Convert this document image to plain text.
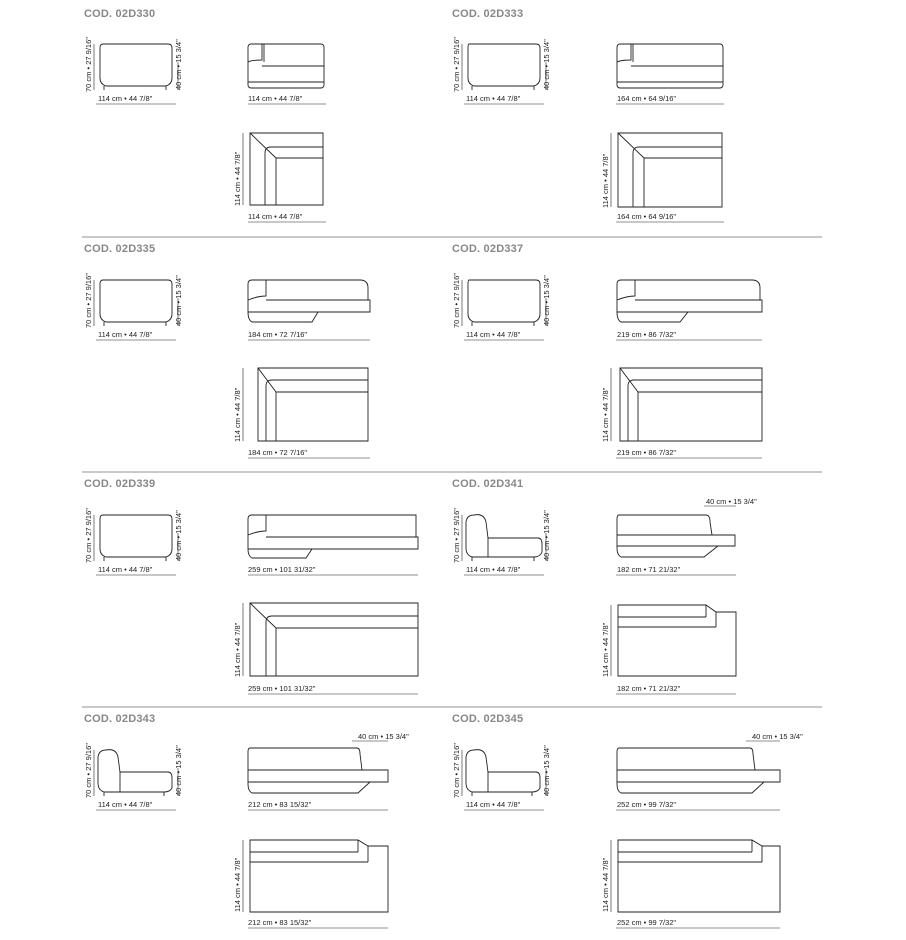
COD. 02D330	COD. 02D333
COD. 02D335	COD. 02D337
COD. 02D339	COD. 02D341
COD. 02D343	COD. 02D345
70 cm • 27 9/16"	40 cm • 15 3/4"
114 cm • 44 7/8"	114 cm • 44 7/8"
114 cm • 44 7/8"
114 cm • 44 7/8"
70 cm • 27 9/16"	40 cm • 15 3/4"
114 cm • 44 7/8"	164 cm • 64 9/16"
114 cm • 44 7/8"
164 cm • 64 9/16"
70 cm • 27 9/16"	40 cm • 15 3/4"
114 cm • 44 7/8"	184 cm • 72 7/16"
114 cm • 44 7/8"
184 cm • 72 7/16"
70 cm • 27 9/16"	40 cm • 15 3/4"
114 cm • 44 7/8"	219 cm • 86 7/32"
114 cm • 44 7/8"
219 cm • 86 7/32"
70 cm • 27 9/16"	40 cm • 15 3/4"
114 cm • 44 7/8"	259 cm • 101 31/32"
114 cm • 44 7/8"
259 cm • 101 31/32"
70 cm • 27 9/16"	40 cm • 15 3/4"
114 cm • 44 7/8"
40 cm • 15 3/4"
182 cm • 71 21/32"
114 cm • 44 7/8"
182 cm • 71 21/32"
70 cm • 27 9/16"	40 cm • 15 3/4"
114 cm • 44 7/8"
40 cm • 15 3/4"
212 cm • 83 15/32"
114 cm • 44 7/8"
212 cm • 83 15/32"
70 cm • 27 9/16"	40 cm • 15 3/4"
114 cm • 44 7/8"
40 cm • 15 3/4"
252 cm • 99 7/32"
114 cm • 44 7/8"
252 cm • 99 7/32"
